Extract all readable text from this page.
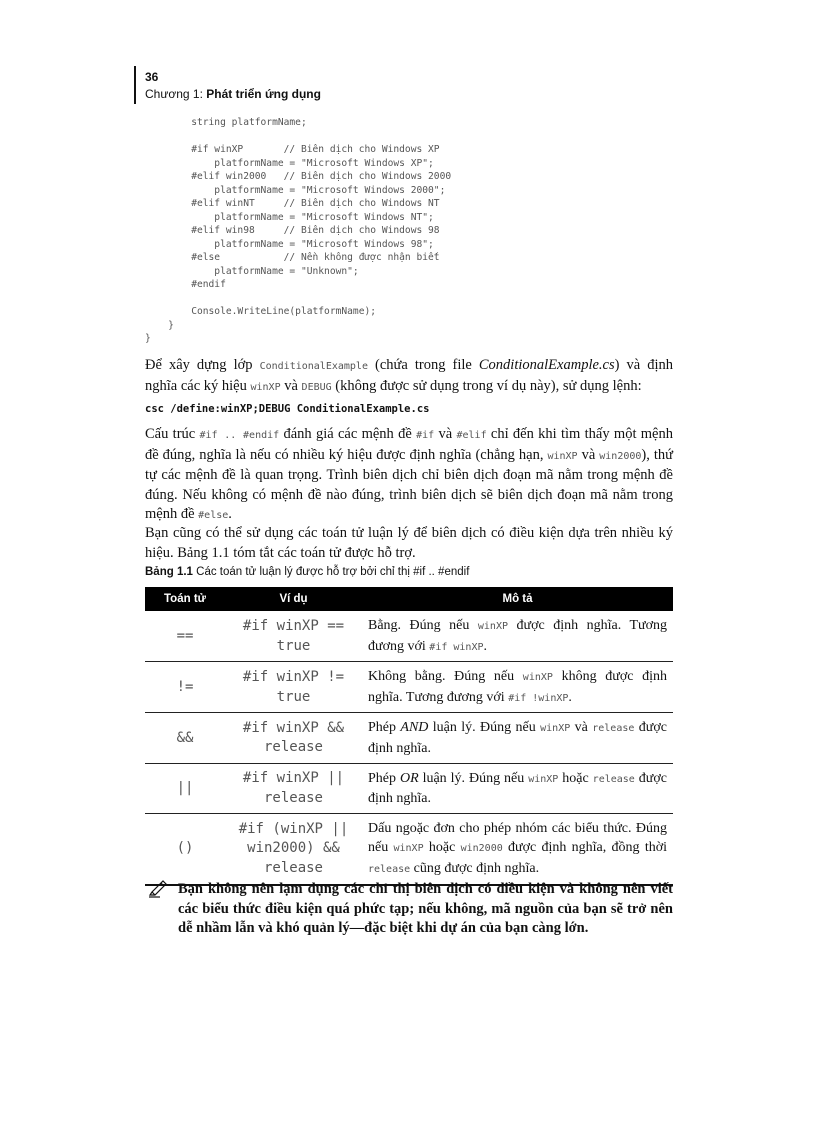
36
Chương 1: Phát triển ứng dụng
string platformName;

#if winXP       // Biên dịch cho Windows XP
platformName = "Microsoft Windows XP";
#elif win2000   // Biên dịch cho Windows 2000
platformName = "Microsoft Windows 2000";
#elif winNT     // Biên dịch cho Windows NT
platformName = "Microsoft Windows NT";
#elif win98     // Biên dịch cho Windows 98
platformName = "Microsoft Windows 98";
#else           // Nền không được nhận biết
platformName = "Unknown";
#endif

Console.WriteLine(platformName);
}
}

Để xây dựng lớp ConditionalExample (chứa trong file ConditionalExample.cs) và định nghĩa các ký hiệu winXP và DEBUG (không được sử dụng trong ví dụ này), sử dụng lệnh:

csc /define:winXP;DEBUG ConditionalExample.cs

Cấu trúc #if .. #endif đánh giá các mệnh đề #if và #elif chỉ đến khi tìm thấy một mệnh đề đúng, nghĩa là nếu có nhiều ký hiệu được định nghĩa (chẳng hạn, winXP và win2000), thứ tự các mệnh đề là quan trọng. Trình biên dịch chỉ biên dịch đoạn mã nằm trong mệnh đề đúng. Nếu không có mệnh đề nào đúng, trình biên dịch sẽ biên dịch đoạn mã nằm trong mệnh đề #else.

Bạn cũng có thể sử dụng các toán tử luận lý để biên dịch có điều kiện dựa trên nhiều ký hiệu. Bảng 1.1 tóm tắt các toán tử được hỗ trợ.

Bảng 1.1 Các toán tử luận lý được hỗ trợ bởi chỉ thị #if .. #endif
Toán tử	Ví dụ	Mô tả
==	#if winXP == true	Bằng. Đúng nếu winXP được định nghĩa. Tương đương với #if winXP.
!=	#if winXP != true	Không bằng. Đúng nếu winXP không được định nghĩa. Tương đương với #if !winXP.
&&	#if winXP && release	Phép AND luận lý. Đúng nếu winXP và release được định nghĩa.
||	#if winXP || release	Phép OR luận lý. Đúng nếu winXP hoặc release được định nghĩa.
()	#if (winXP ||
win2000) && release	Dấu ngoặc đơn cho phép nhóm các biểu thức. Đúng nếu winXP hoặc win2000 được định nghĩa, đồng thời release cũng được định nghĩa.

Bạn không nên lạm dụng các chỉ thị biên dịch có điều kiện và không nên viết các biểu thức điều kiện quá phức tạp; nếu không, mã nguồn của bạn sẽ trở nên dễ nhầm lẫn và khó quản lý—đặc biệt khi dự án của bạn càng lớn.
